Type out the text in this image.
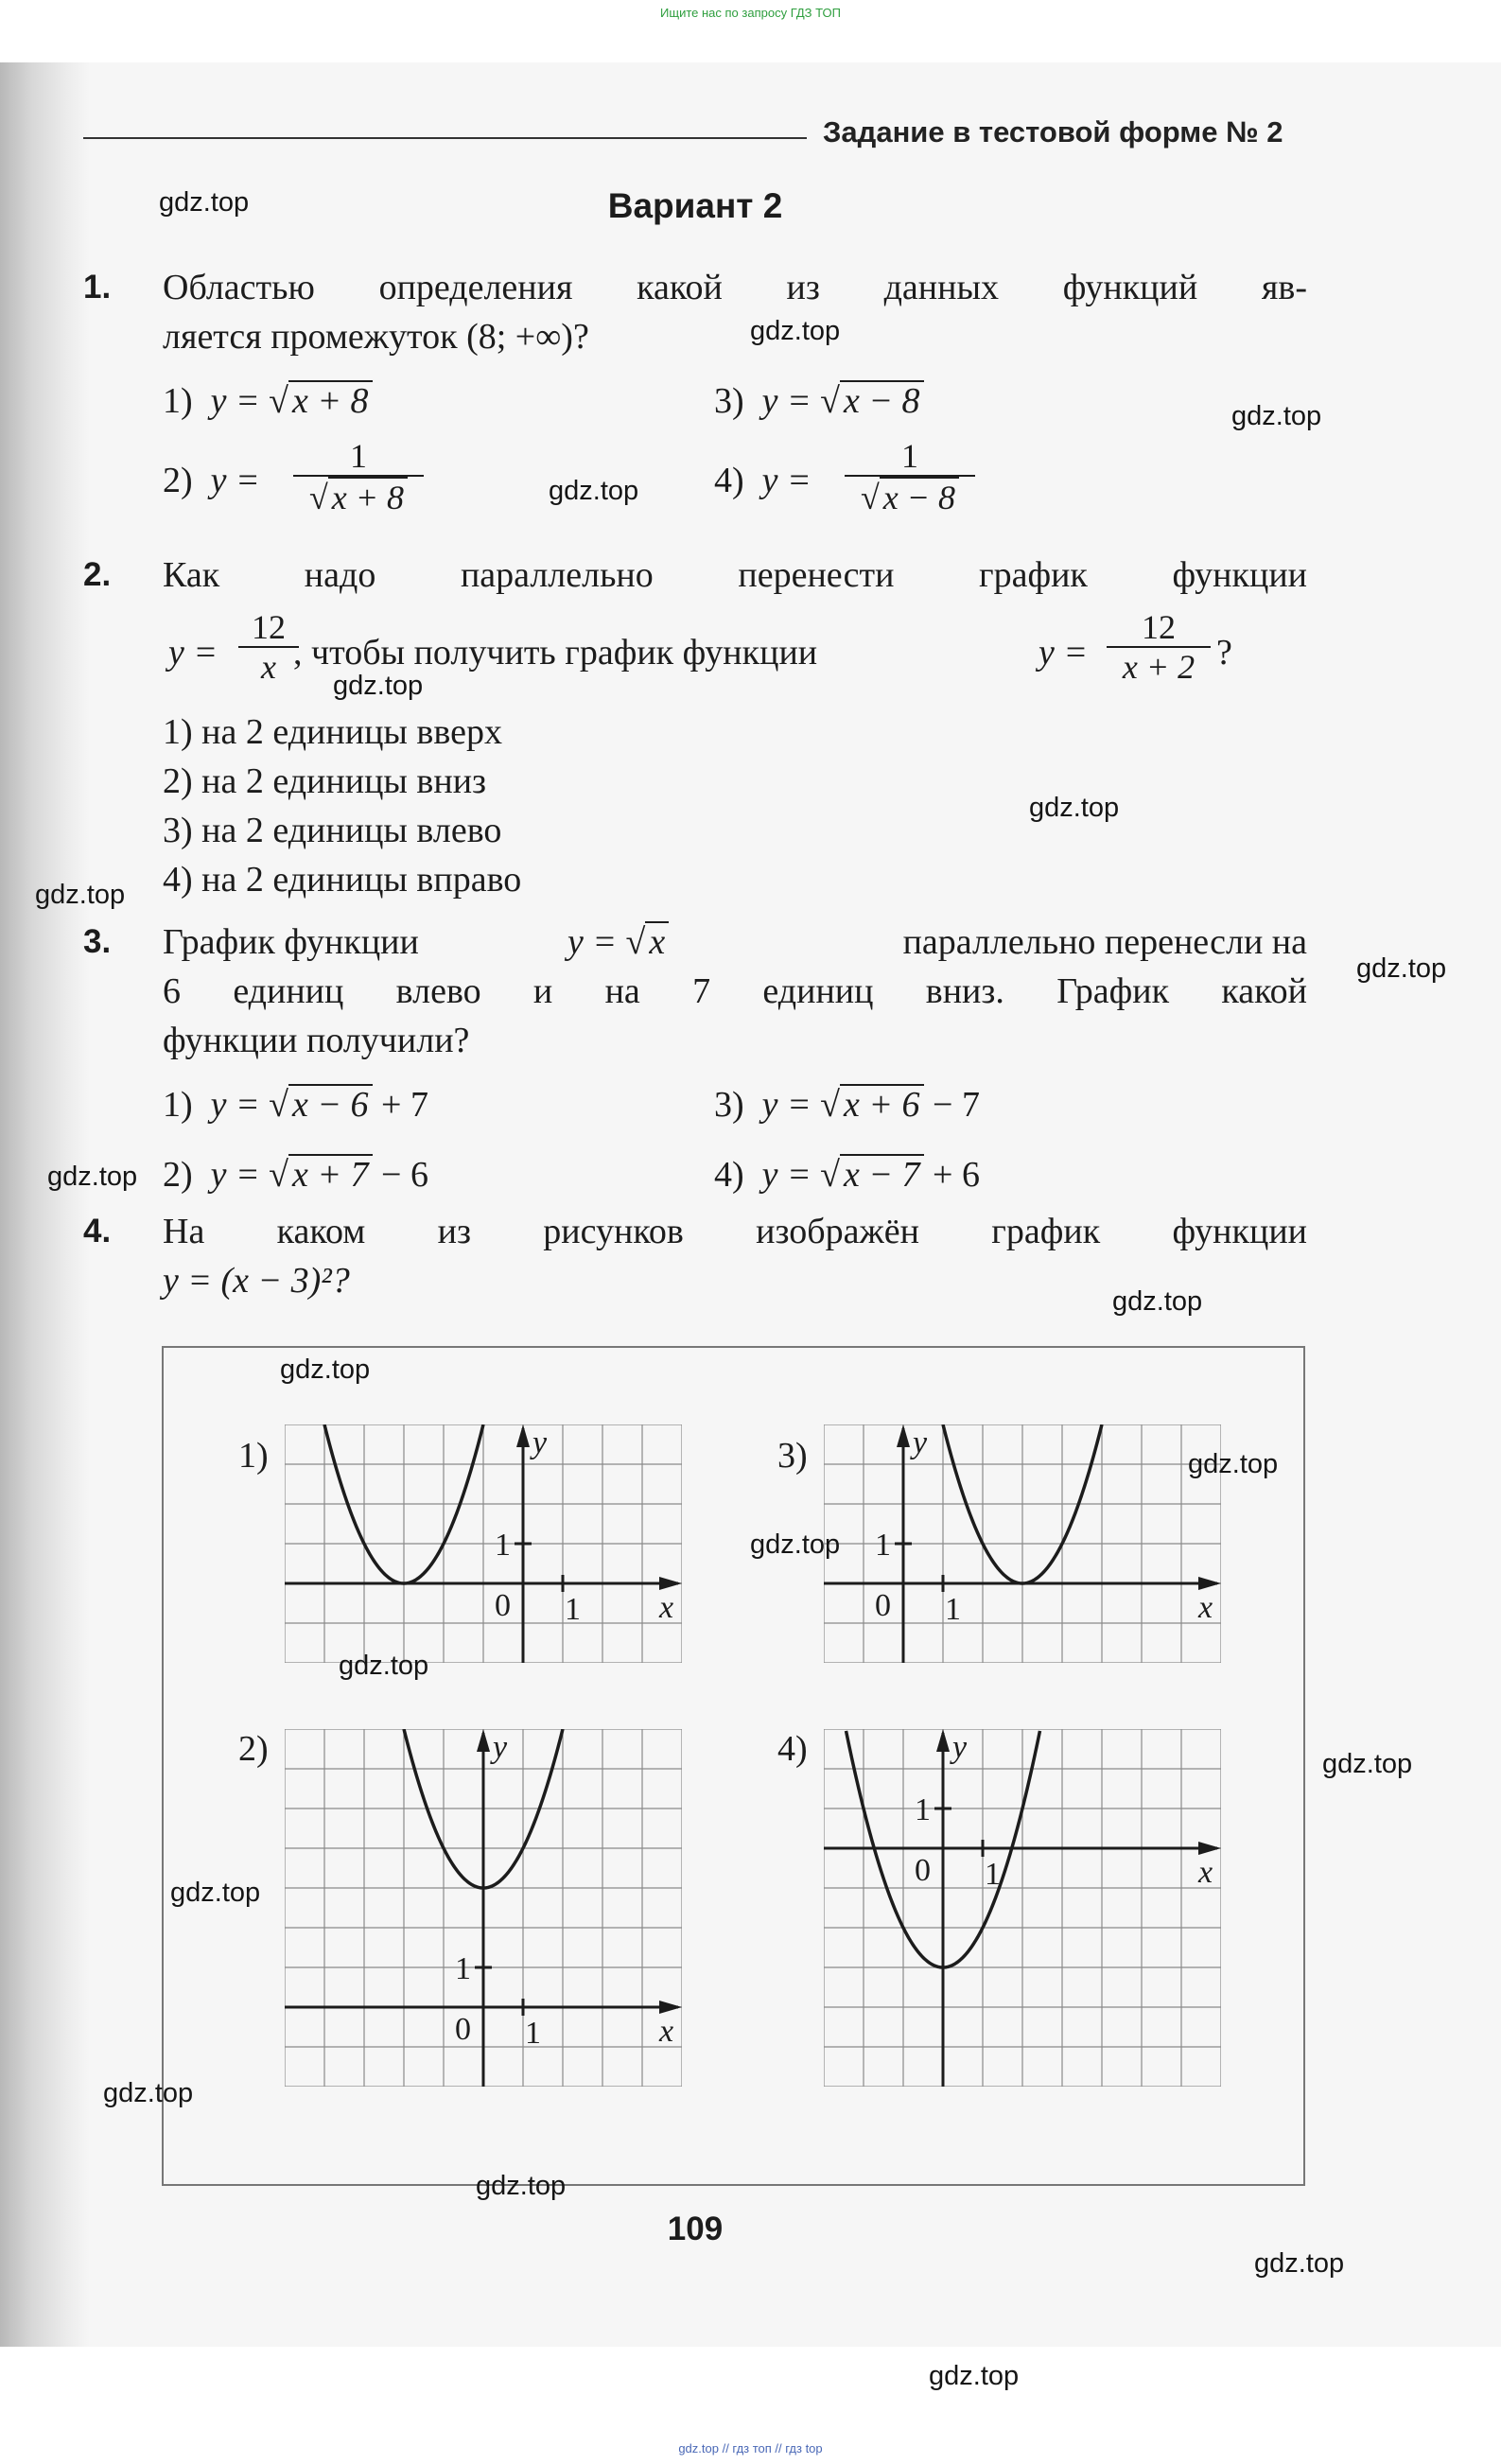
Ищите нас по запросу ГДЗ ТОП
Задание в тестовой форме № 2
Вариант 2
1. Областью определения какой из данных функций яв-
ляется промежуток (8; +∞)?
1) y = √ x + 8	3) y = √ x − 8
2) $y = \frac{1}{√ x + 8}$	4) $y = \frac{1}{√ x - 8}$
2. Как надо параллельно перенести график функции
$y = \frac{12}{x}$
, чтобы получить график функции	$y = \frac{12}{x + 2}$ ?
1) на 2 единицы вверх
2) на 2 единицы вниз
3) на 2 единицы влево
4) на 2 единицы вправо
3. График функции	y = √ x	параллельно перенесли на
6 единиц влево и на 7 единиц вниз. График какой
функции получили?
1) y = √ x − 6 + 7	3) y = √ x + 6 − 7
2) y = √ x + 7 − 6	4) y = √ x − 7 + 6
4. На каком из рисунков изображён график функции
y = (x − 3)²?
1)	3)
2)	4)
y
x
0 1
1
y
x
0 1
1
y
x
0 1
1
y
x
0 1
1
109
gdz.top
gdz.top
gdz.top
gdz.top
gdz.top
gdz.top
gdz.top
gdz.top
gdz.top
gdz.top
gdz.top
gdz.top
gdz.top
gdz.top
gdz.top
gdz.top
gdz.top
gdz.top
gdz.top
gdz.top
gdz.top // гдз топ // гдз top
